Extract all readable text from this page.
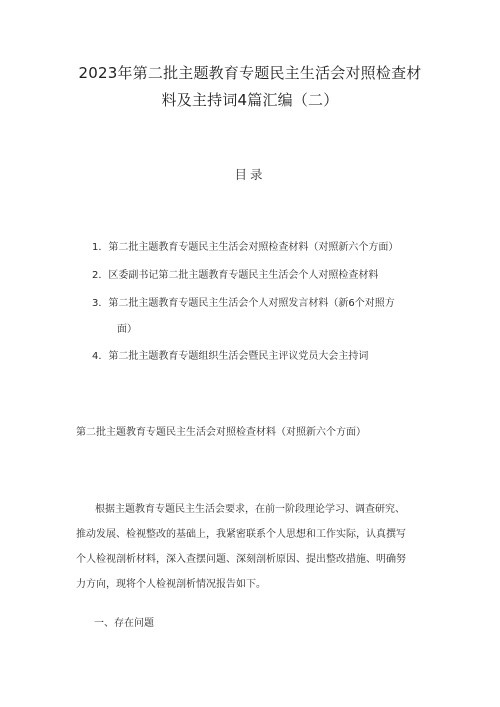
2023年第二批主题教育专题民主生活会对照检查材
料及主持词4篇汇编（二）
目录
1．第二批主题教育专题民主生活会对照检查材料（对照新六个方面）
2．区委副书记第二批主题教育专题民主生活会个人对照检查材料
3．第二批主题教育专题民主生活会个人对照发言材料（新6个对照方
面）
4．第二批主题教育专题组织生活会暨民主评议党员大会主持词
第二批主题教育专题民主生活会对照检查材料（对照新六个方面）
根据主题教育专题民主生活会要求，在前一阶段理论学习、调查研究、
推动发展、检视整改的基础上，我紧密联系个人思想和工作实际，认真撰写
个人检视剖析材料，深入查摆问题、深刻剖析原因、提出整改措施、明确努
力方向，现将个人检视剖析情况报告如下。
一、存在问题
